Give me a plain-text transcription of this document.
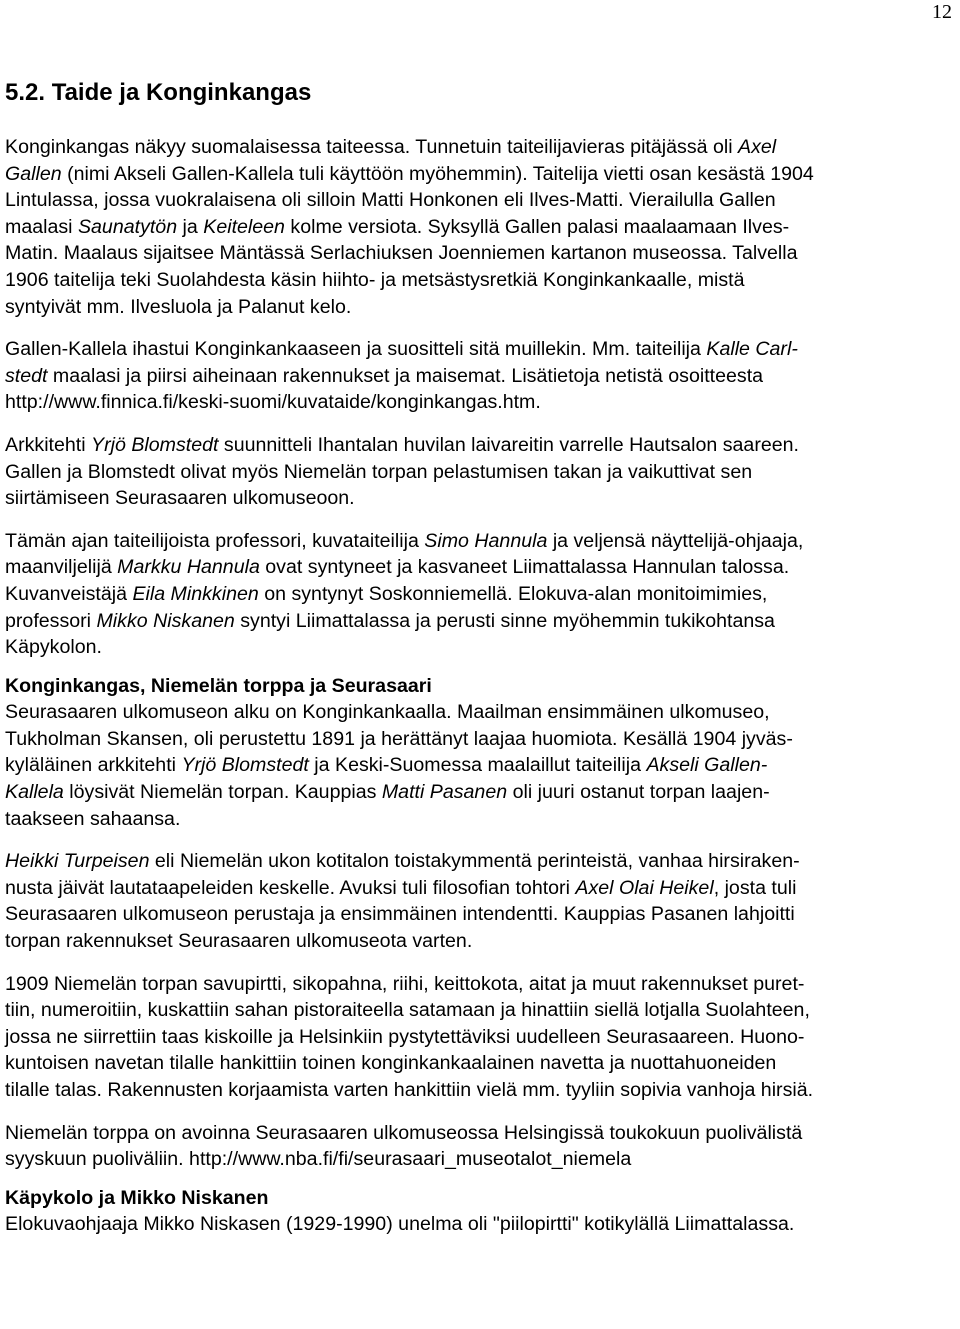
12
5.2. Taide ja Konginkangas

Konginkangas näkyy suomalaisessa taiteessa. Tunnetuin taiteilijavieras pitäjässä oli Axel
Gallen (nimi Akseli Gallen-Kallela tuli käyttöön myöhemmin). Taitelija vietti osan kesästä 1904
Lintulassa, jossa vuokralaisena oli silloin Matti Honkonen eli Ilves-Matti. Vierailulla Gallen
maalasi Saunatytön ja Keiteleen kolme versiota. Syksyllä Gallen palasi maalaamaan Ilves-
Matin. Maalaus sijaitsee Mäntässä Serlachiuksen Joenniemen kartanon museossa. Talvella
1906 taitelija teki Suolahdesta käsin hiihto- ja metsästysretkiä Konginkankaalle, mistä
syntyivät mm. Ilvesluola ja Palanut kelo.

Gallen-Kallela ihastui Konginkankaaseen ja suositteli sitä muillekin. Mm. taiteilija Kalle Carl-
stedt maalasi ja piirsi aiheinaan rakennukset ja maisemat. Lisätietoja netistä osoitteesta
http://www.finnica.fi/keski-suomi/kuvataide/konginkangas.htm.

Arkkitehti Yrjö Blomstedt suunnitteli Ihantalan huvilan laivareitin varrelle Hautsalon saareen.
Gallen ja Blomstedt olivat myös Niemelän torpan pelastumisen takan ja vaikuttivat sen
siirtämiseen Seurasaaren ulkomuseoon.

Tämän ajan taiteilijoista professori, kuvataiteilija Simo Hannula ja veljensä näyttelijä-ohjaaja,
maanviljelijä Markku Hannula ovat syntyneet ja kasvaneet Liimattalassa Hannulan talossa.
Kuvanveistäjä Eila Minkkinen on syntynyt Soskonniemellä. Elokuva-alan monitoimimies,
professori Mikko Niskanen syntyi Liimattalassa ja perusti sinne myöhemmin tukikohtansa
Käpykolon.

Konginkangas, Niemelän torppa ja Seurasaari

Seurasaaren ulkomuseon alku on Konginkankaalla. Maailman ensimmäinen ulkomuseo,
Tukholman Skansen, oli perustettu 1891 ja herättänyt laajaa huomiota. Kesällä 1904 jyväs-
kyläläinen arkkitehti Yrjö Blomstedt ja Keski-Suomessa maalaillut taiteilija Akseli Gallen-
Kallela löysivät Niemelän torpan. Kauppias Matti Pasanen oli juuri ostanut torpan laajen-
taakseen sahaansa.

Heikki Turpeisen eli Niemelän ukon kotitalon toistakymmentä perinteistä, vanhaa hirsiraken-
nusta jäivät lautataapeleiden keskelle. Avuksi tuli filosofian tohtori Axel Olai Heikel, josta tuli
Seurasaaren ulkomuseon perustaja ja ensimmäinen intendentti. Kauppias Pasanen lahjoitti
torpan rakennukset Seurasaaren ulkomuseota varten.

1909 Niemelän torpan savupirtti, sikopahna, riihi, keittokota, aitat ja muut rakennukset puret-
tiin, numeroitiin, kuskattiin sahan pistoraiteella satamaan ja hinattiin siellä lotjalla Suolahteen,
jossa ne siirrettiin taas kiskoille ja Helsinkiin pystytettäviksi uudelleen Seurasaareen. Huono-
kuntoisen navetan tilalle hankittiin toinen konginkankaalainen navetta ja nuottahuoneiden
tilalle talas. Rakennusten korjaamista varten hankittiin vielä mm. tyyliin sopivia vanhoja hirsiä.

Niemelän torppa on avoinna Seurasaaren ulkomuseossa Helsingissä toukokuun puolivälistä
syyskuun puoliväliin. http://www.nba.fi/fi/seurasaari_museotalot_niemela

Käpykolo ja Mikko Niskanen

Elokuvaohjaaja Mikko Niskasen (1929-1990) unelma oli "piilopirtti" kotikylällä Liimattalassa.
